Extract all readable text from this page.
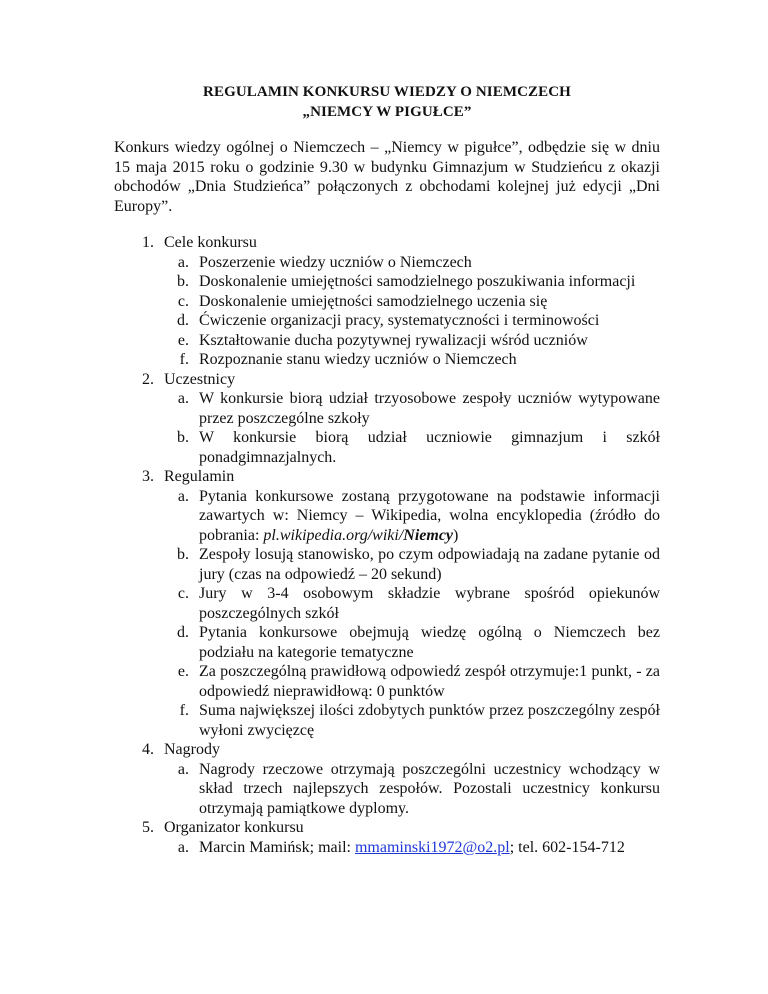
REGULAMIN KONKURSU WIEDZY O NIEMCZECH

„NIEMCY W PIGUŁCE”

Konkurs wiedzy ogólnej o Niemczech – „Niemcy w pigułce”, odbędzie się w dniu 15 maja 2015 roku o godzinie 9.30 w budynku Gimnazjum w Studzieńcu z okazji obchodów „Dnia Studzieńca” połączonych z obchodami kolejnej już edycji „Dni Europy”.

1. Cele konkursu
a. Poszerzenie wiedzy uczniów o Niemczech
b. Doskonalenie umiejętności samodzielnego poszukiwania informacji
c. Doskonalenie umiejętności samodzielnego uczenia się
d. Ćwiczenie organizacji pracy, systematyczności i terminowości
e. Kształtowanie ducha pozytywnej rywalizacji wśród uczniów
f. Rozpoznanie stanu wiedzy uczniów o Niemczech
2. Uczestnicy
a. W konkursie biorą udział trzyosobowe zespoły uczniów wytypowane przez poszczególne szkoły
b. W konkursie biorą udział uczniowie gimnazjum i szkół ponadgimnazjalnych.
3. Regulamin
a. Pytania konkursowe zostaną przygotowane na podstawie informacji zawartych w: Niemcy – Wikipedia, wolna encyklopedia (źródło do pobrania: pl.wikipedia.org/wiki/Niemcy)
b. Zespoły losują stanowisko, po czym odpowiadają na zadane pytanie od jury (czas na odpowiedź – 20 sekund)
c. Jury w 3-4 osobowym składzie wybrane spośród opiekunów poszczególnych szkół
d. Pytania konkursowe obejmują wiedzę ogólną o Niemczech bez podziału na kategorie tematyczne
e. Za poszczególną prawidłową odpowiedź zespół otrzymuje:1 punkt, - za odpowiedź nieprawidłową: 0 punktów
f. Suma największej ilości zdobytych punktów przez poszczególny zespół wyłoni zwycięzcę
4. Nagrody
a. Nagrody rzeczowe otrzymają poszczególni uczestnicy wchodzący w skład trzech najlepszych zespołów. Pozostali uczestnicy konkursu otrzymają pamiątkowe dyplomy.
5. Organizator konkursu
a. Marcin Mamińsk; mail: mmaminski1972@o2.pl; tel. 602-154-712
